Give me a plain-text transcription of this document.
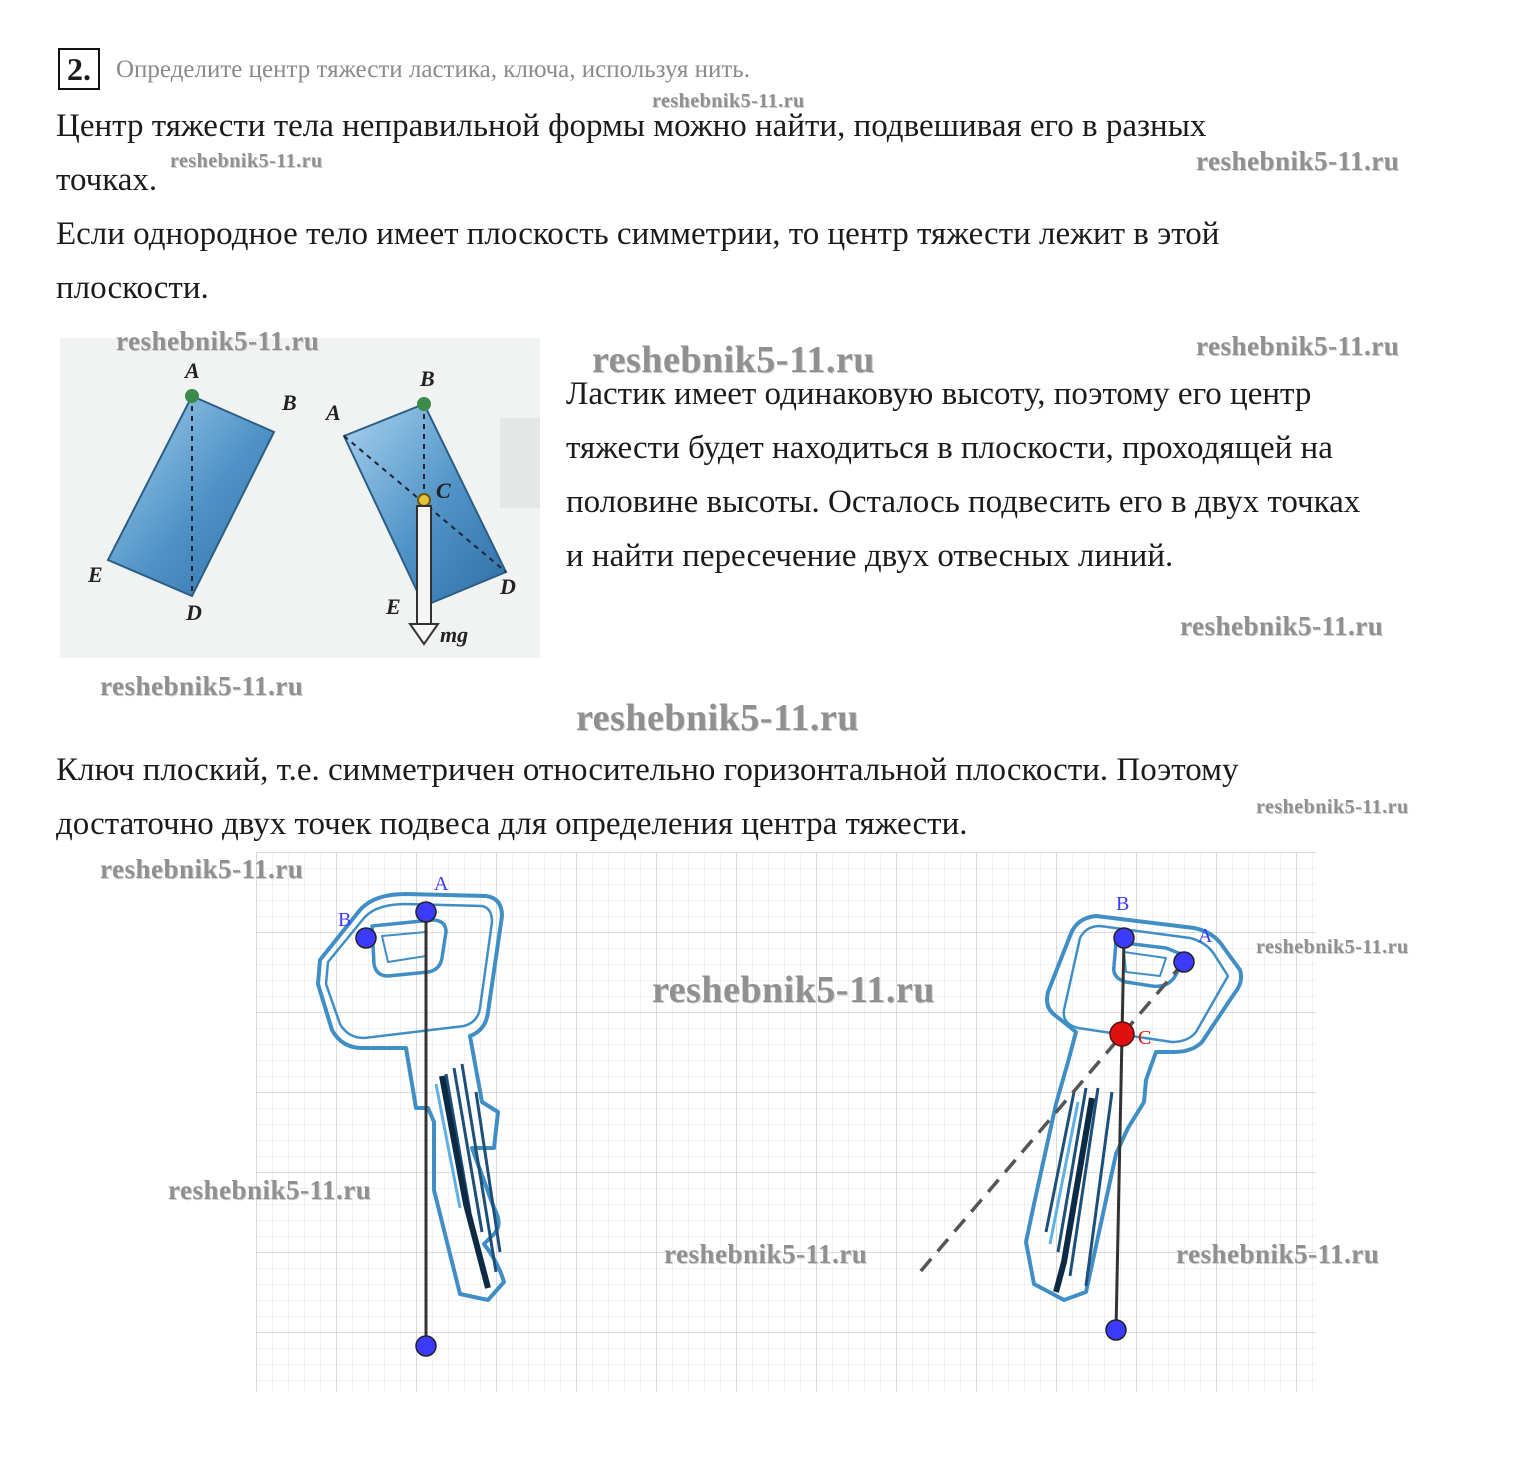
2.	Определите центр тяжести ластика, ключа, используя нить.
Центр тяжести тела неправильной формы можно найти, подвешивая его в разных
точках.
Если однородное тело имеет плоскость симметрии, то центр тяжести лежит в этой
плоскости.
A
B
E
D
A
B
C
E
D
mg⃗
Ластик имеет одинаковую высоту, поэтому его центр
тяжести будет находиться в плоскости, проходящей на
половине высоты. Осталось подвесить его в двух точках
и найти пересечение двух отвесных линий.
Ключ плоский, т.е. симметричен относительно горизонтальной плоскости. Поэтому
достаточно двух точек подвеса для определения центра тяжести.
A
B
B
A
C
reshebnik5-11.ru
reshebnik5-11.ru	reshebnik5-11.ru
reshebnik5-11.ru	reshebnik5-11.ru	reshebnik5-11.ru
reshebnik5-11.ru
reshebnik5-11.ru
reshebnik5-11.ru
reshebnik5-11.ru
reshebnik5-11.ru
reshebnik5-11.ru
reshebnik5-11.ru
reshebnik5-11.ru
reshebnik5-11.ru	reshebnik5-11.ru
